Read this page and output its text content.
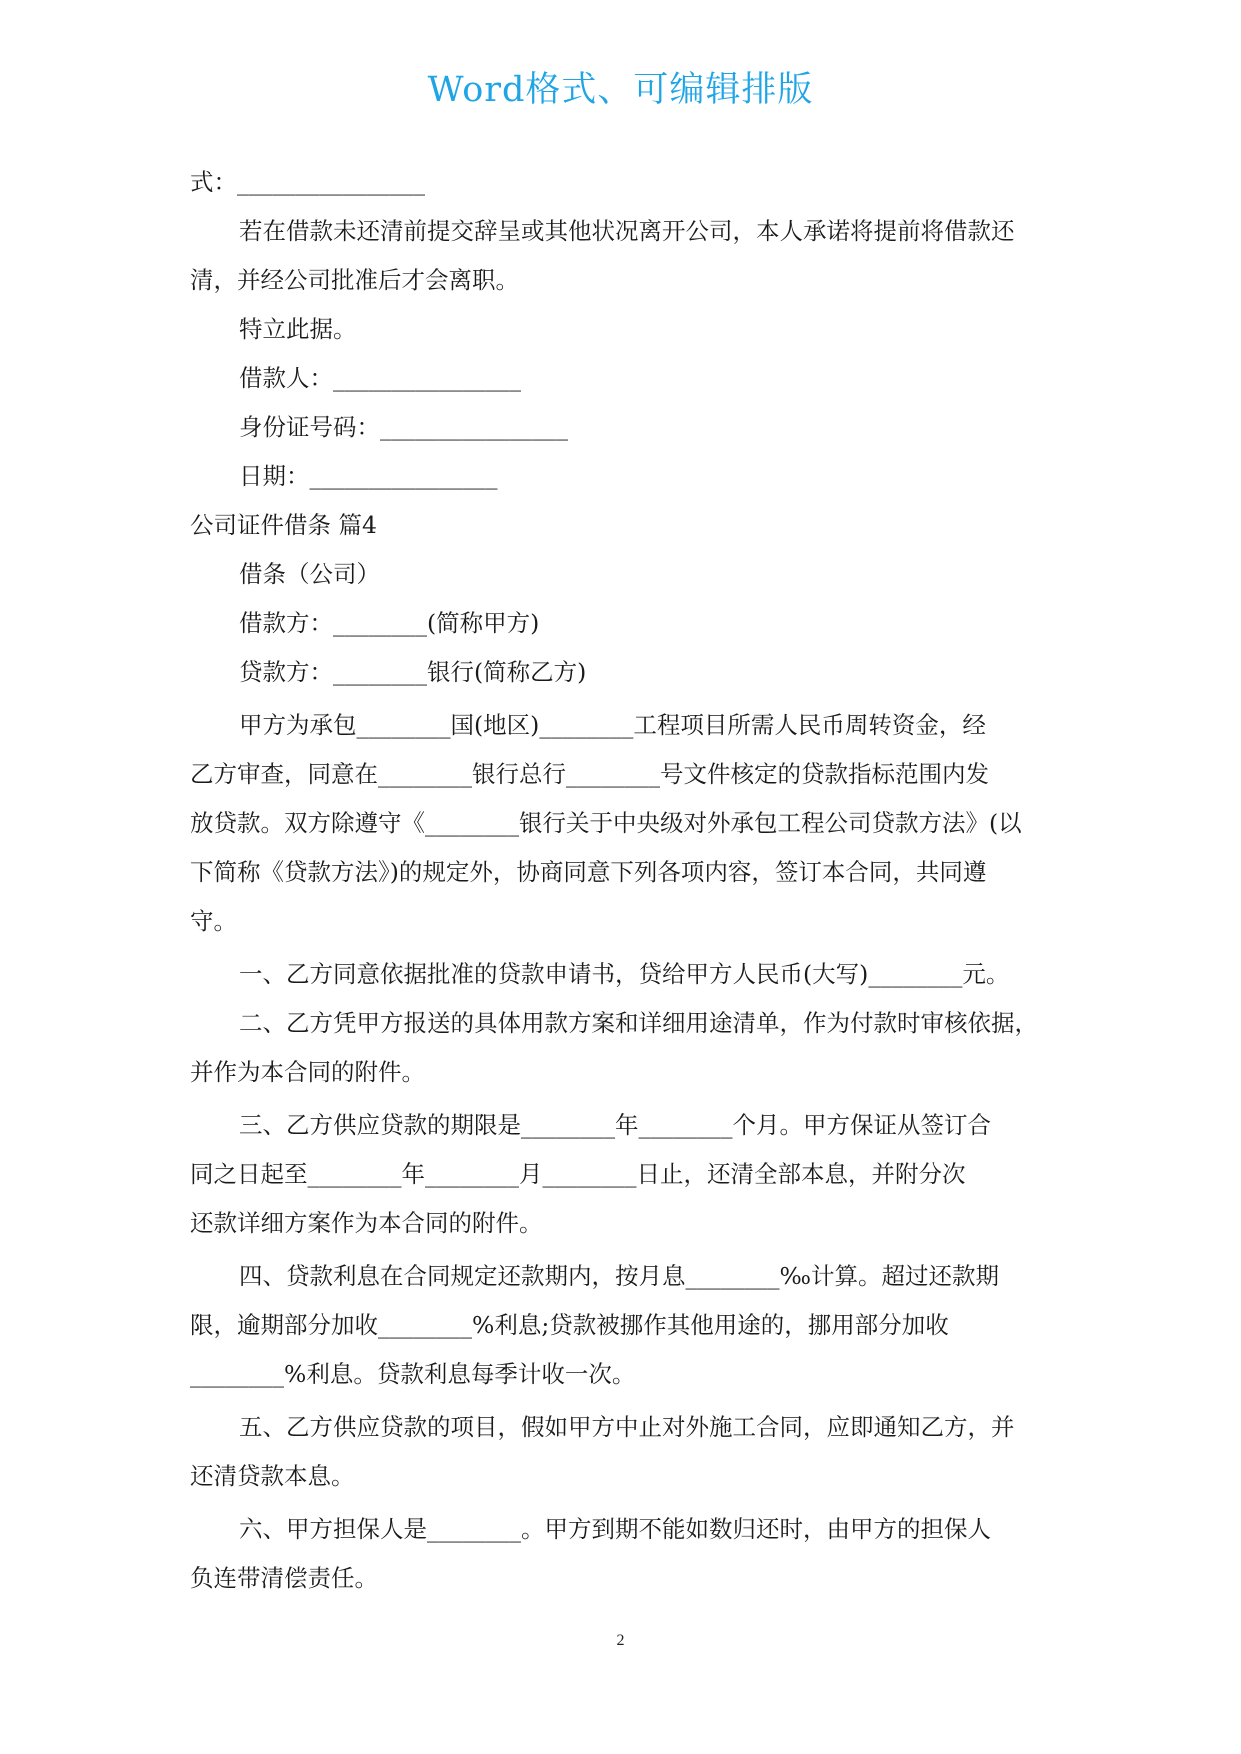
Word格式、可编辑排版
式：________________
若在借款未还清前提交辞呈或其他状况离开公司，本人承诺将提前将借款还
清，并经公司批准后才会离职。
特立此据。
借款人：________________
身份证号码：________________
日期：________________
公司证件借条 篇4
借条（公司）
借款方：________(简称甲方)
贷款方：________银行(简称乙方)
甲方为承包________国(地区)________工程项目所需人民币周转资金，经
乙方审查，同意在________银行总行________号文件核定的贷款指标范围内发
放贷款。双方除遵守《________银行关于中央级对外承包工程公司贷款方法》(以
下简称《贷款方法》)的规定外，协商同意下列各项内容，签订本合同，共同遵
守。
一、乙方同意依据批准的贷款申请书，贷给甲方人民币(大写)________元。
二、乙方凭甲方报送的具体用款方案和详细用途清单，作为付款时审核依据，
并作为本合同的附件。
三、乙方供应贷款的期限是________年________个月。甲方保证从签订合
同之日起至________年________月________日止，还清全部本息，并附分次
还款详细方案作为本合同的附件。
四、贷款利息在合同规定还款期内，按月息________‰计算。超过还款期
限，逾期部分加收________%利息;贷款被挪作其他用途的，挪用部分加收
________%利息。贷款利息每季计收一次。
五、乙方供应贷款的项目，假如甲方中止对外施工合同，应即通知乙方，并
还清贷款本息。
六、甲方担保人是________。甲方到期不能如数归还时，由甲方的担保人
负连带清偿责任。
2
